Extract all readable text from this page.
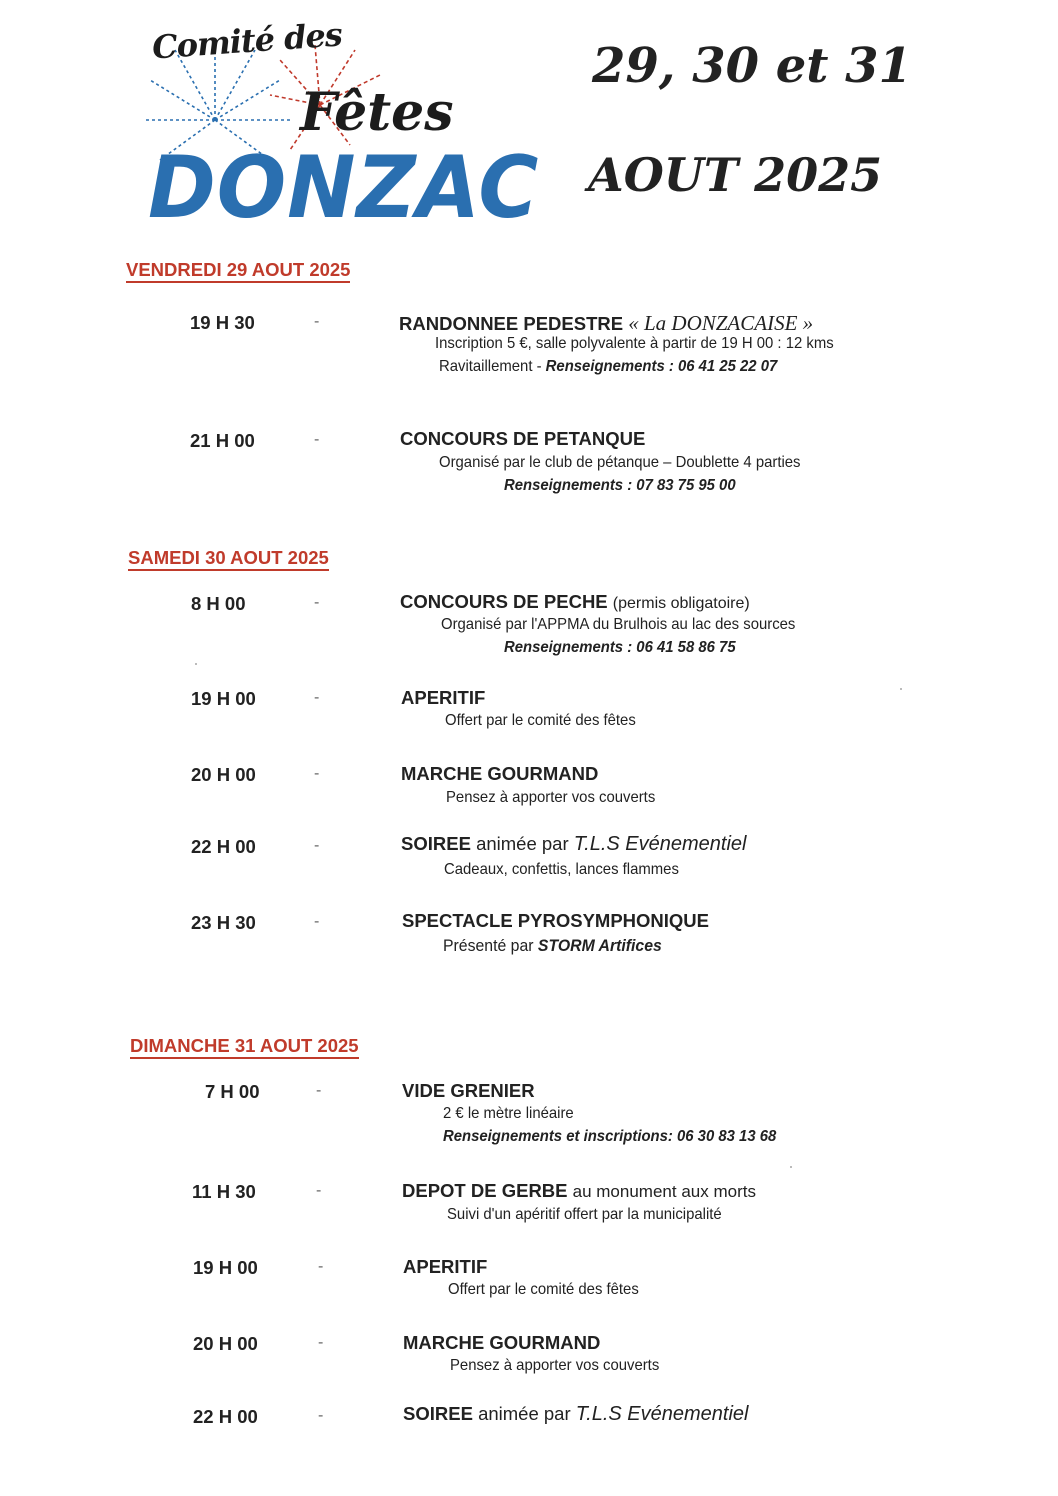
Comité des
Fêtes
DONZAC
29, 30 et 31
AOUT 2025
VENDREDI 29 AOUT 2025
19 H 30	-	RANDONNEE PEDESTRE « La DONZACAISE »
Inscription 5 €, salle polyvalente à partir de 19 H 00 : 12 kms
Ravitaillement - Renseignements : 06 41 25 22 07
21 H 00	-	CONCOURS DE PETANQUE
Organisé par le club de pétanque – Doublette 4 parties
Renseignements : 07 83 75 95 00
SAMEDI 30 AOUT 2025
8 H 00	-	CONCOURS DE PECHE (permis obligatoire)
Organisé par l'APPMA du Brulhois au lac des sources
Renseignements : 06 41 58 86 75
19 H 00	-	APERITIF
Offert par le comité des fêtes
20 H 00	-	MARCHE GOURMAND
Pensez à apporter vos couverts
22 H 00	-	SOIREE animée par T.L.S Evénementiel
Cadeaux, confettis, lances flammes
23 H 30	-	SPECTACLE PYROSYMPHONIQUE
Présenté par STORM Artifices
DIMANCHE 31 AOUT 2025
7 H 00	-	VIDE GRENIER
2 € le mètre linéaire
Renseignements et inscriptions: 06 30 83 13 68
11 H 30	-	DEPOT DE GERBE au monument aux morts
Suivi d'un apéritif offert par la municipalité
19 H 00	-	APERITIF
Offert par le comité des fêtes
20 H 00	-	MARCHE GOURMAND
Pensez à apporter vos couverts
22 H 00	-	SOIREE animée par T.L.S Evénementiel
